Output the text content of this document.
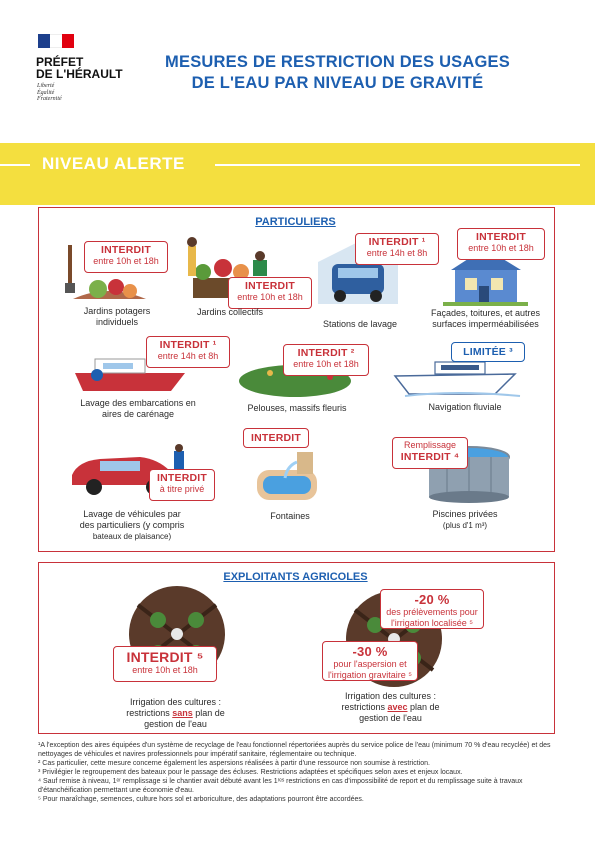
PRÉFET
DE L'HÉRAULT
Liberté
Égalité
Fraternité
MESURES DE RESTRICTION DES USAGES
DE L'EAU PAR NIVEAU DE GRAVITÉ
NIVEAU ALERTE
PARTICULIERS
INTERDIT
entre 10h et 18h
Jardins potagers
individuels
INTERDIT
entre 10h et 18h
Jardins collectifs
INTERDIT ¹
entre 14h et 8h
Stations de lavage
INTERDIT
entre 10h et 18h
Façades, toitures, et autres
surfaces imperméabilisées
INTERDIT ¹
entre 14h et 8h
Lavage des embarcations en
aires de carénage
INTERDIT ²
entre 10h et 18h
Pelouses, massifs fleuris
LIMITÉE ³
Navigation fluviale
INTERDIT
à titre privé
Lavage de véhicules par
des particuliers (y compris
bateaux de plaisance)
INTERDIT
Fontaines
Remplissage
INTERDIT ⁴
Piscines privées
(plus d'1 m³)
EXPLOITANTS AGRICOLES
INTERDIT ⁵
entre 10h et 18h
Irrigation des cultures :
restrictions sans plan de
gestion de l'eau
-20 %
des prélèvements pour
l'irrigation localisée ⁵
-30 %
pour l'aspersion et
l'irrigation gravitaire ⁵
Irrigation des cultures :
restrictions avec plan de
gestion de l'eau

¹A l'exception des aires équipées d'un système de recyclage de l'eau fonctionnel répertoriées auprès du service police de l'eau (minimum 70 % d'eau recyclée) et des nettoyages de véhicules et navires professionnels pour impératif sanitaire, réglementaire ou technique.

² Cas particulier, cette mesure concerne également les aspersions réalisées à partir d'une ressource non soumise à restriction.

³ Privilégier le regroupement des bateaux pour le passage des écluses. Restrictions adaptées et spécifiques selon axes et enjeux locaux.

⁴ Sauf remise à niveau, 1ᵉʳ remplissage si le chantier avait débuté avant les 1ʳᵉˢ restrictions en cas d'impossibilité de report et du remplissage suite à travaux d'étanchéification permettant une économie d'eau.

⁵ Pour maraîchage, semences, culture hors sol et arboriculture, des adaptations pourront être accordées.
